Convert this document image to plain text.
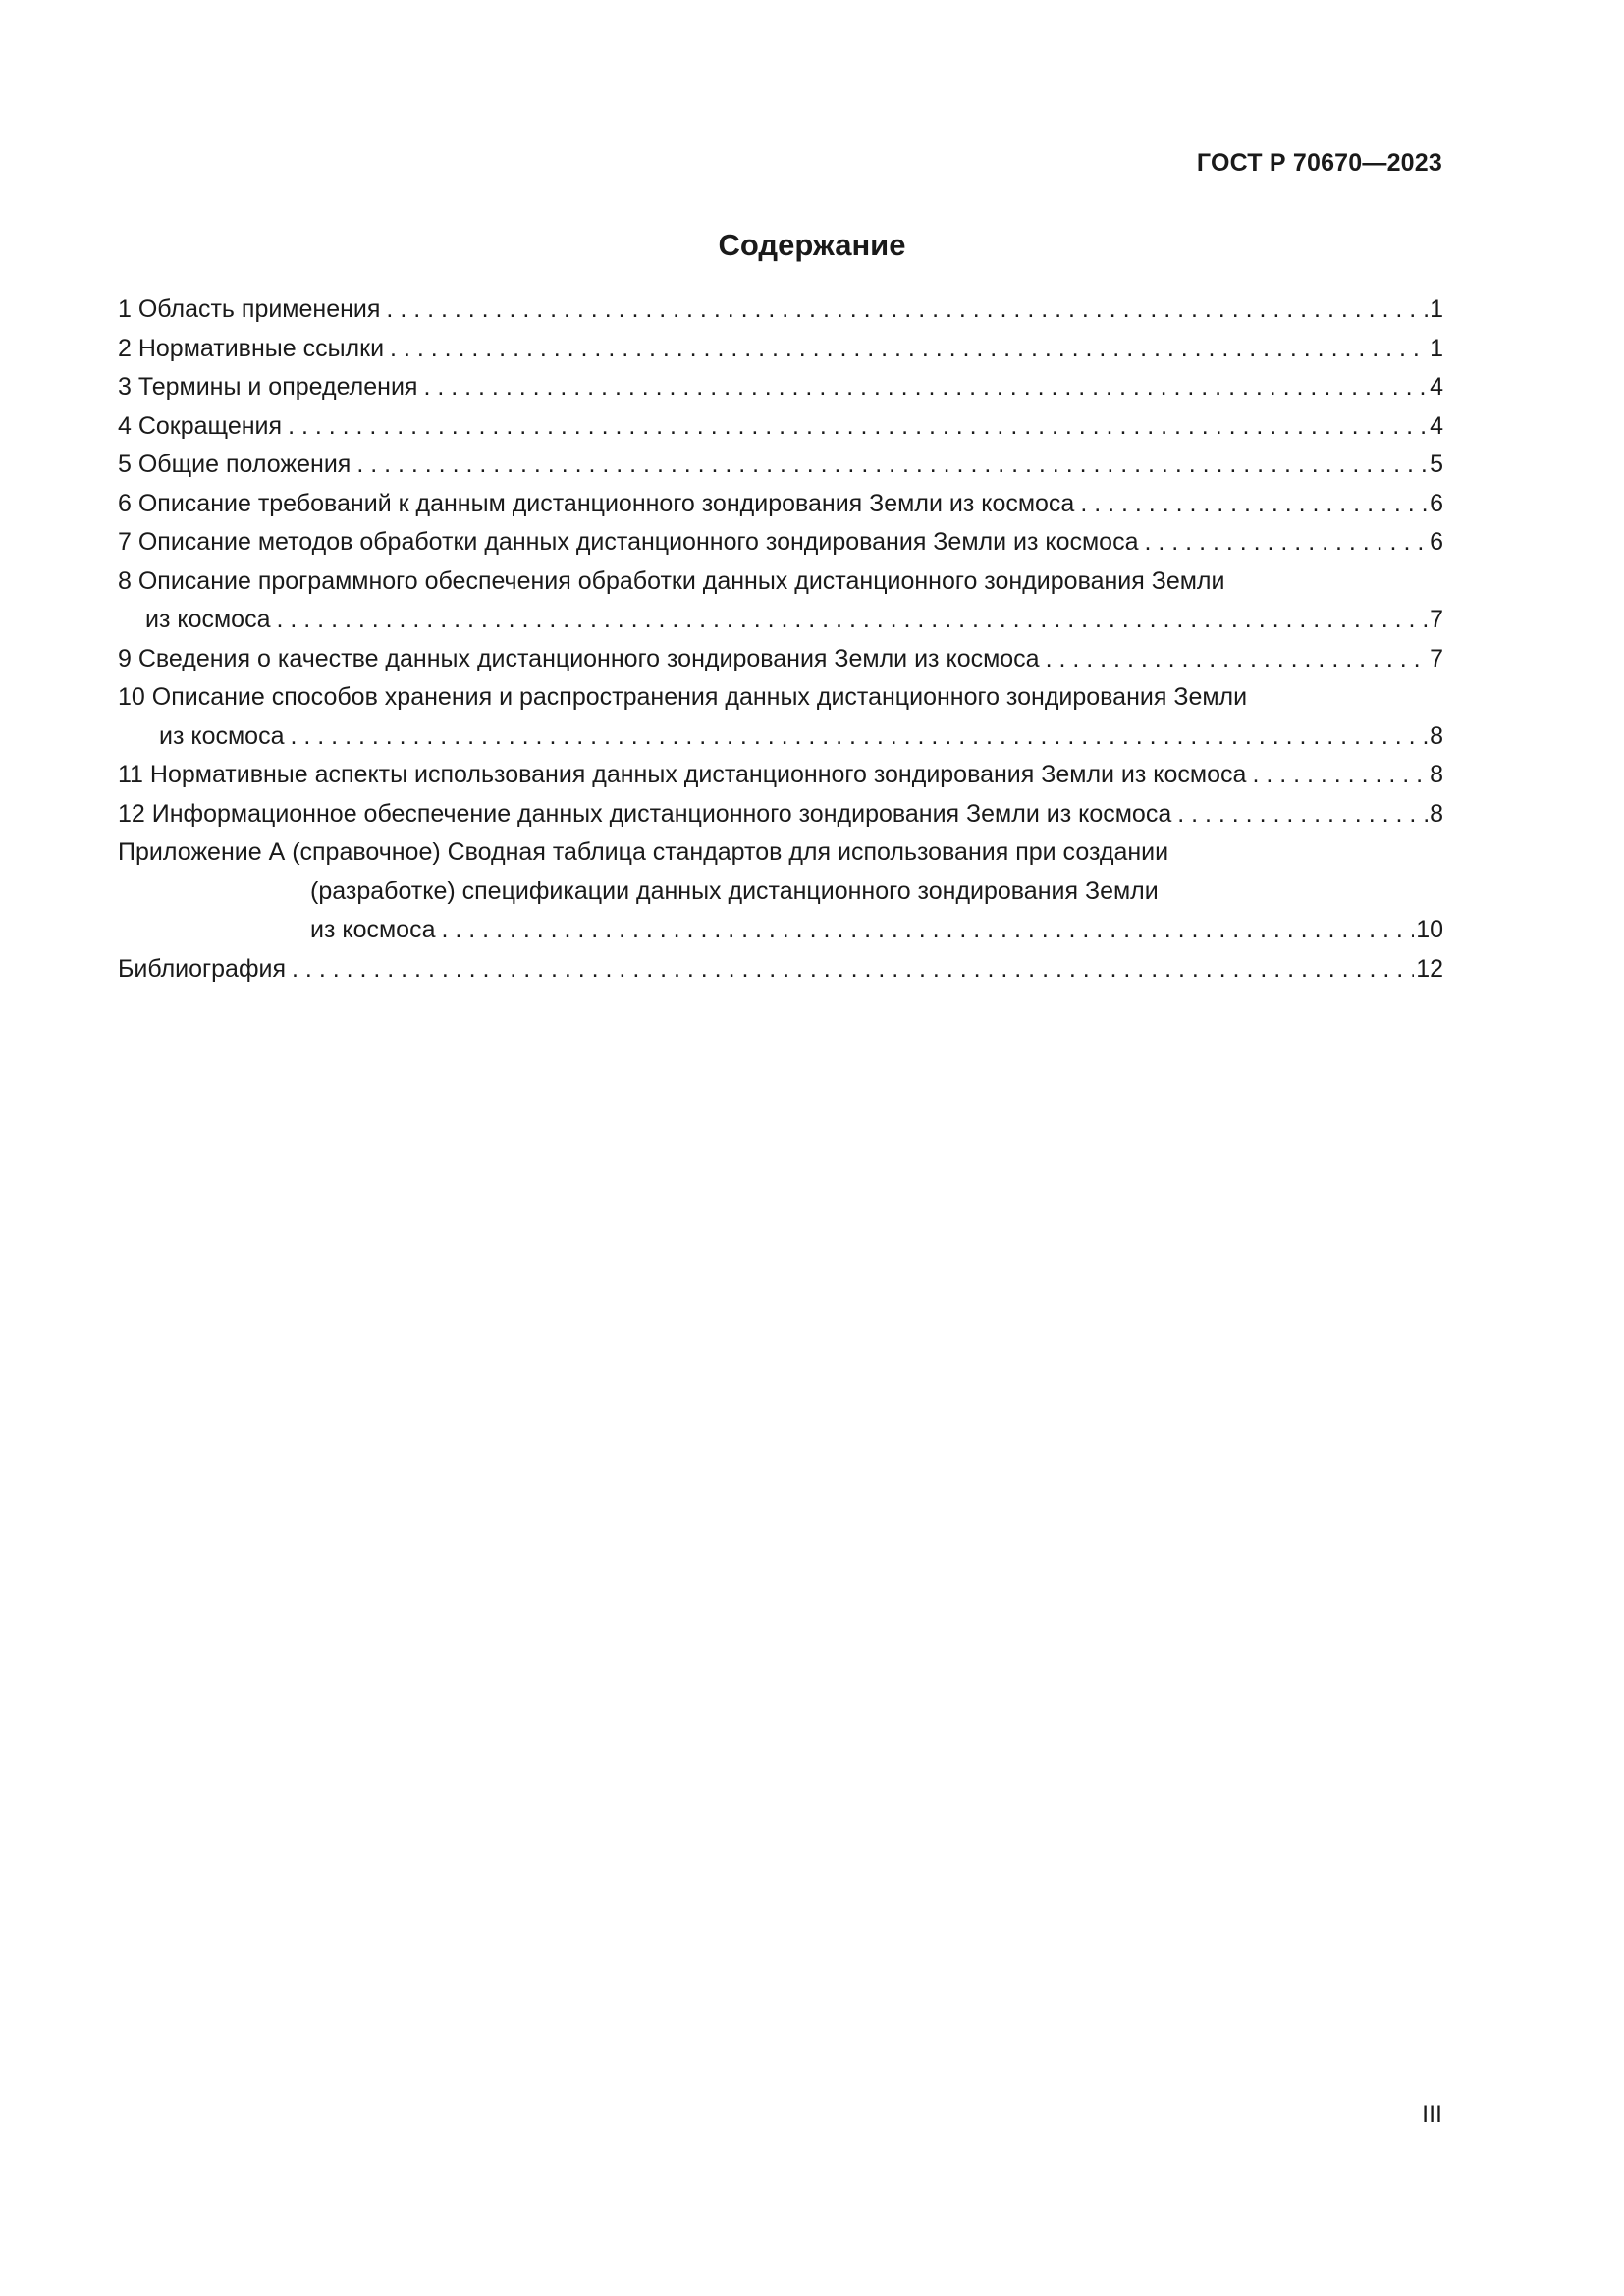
ГОСТ Р 70670—2023
Содержание
1 Область применения . . .	1
2 Нормативные ссылки . . .	1
3 Термины и определения . . .	4
4 Сокращения . . .	4
5 Общие положения . . .	5
6 Описание требований к данным дистанционного зондирования Земли из космоса . . .	6
7 Описание методов обработки данных дистанционного зондирования Земли из космоса . . .	6
8 Описание программного обеспечения обработки данных дистанционного зондирования Земли
из космоса . . .	7
9 Сведения о качестве данных дистанционного зондирования Земли из космоса . . .	7
10 Описание способов хранения и распространения данных дистанционного зондирования Земли
из космоса . . .	8
11 Нормативные аспекты использования данных дистанционного зондирования Земли из космоса . . .	8
12 Информационное обеспечение данных дистанционного зондирования Земли из космоса . . .	8
Приложение А (справочное) Сводная таблица стандартов для использования при создании
(разработке) спецификации данных дистанционного зондирования Земли
из космоса . . .	10
Библиография . . .	12
III
